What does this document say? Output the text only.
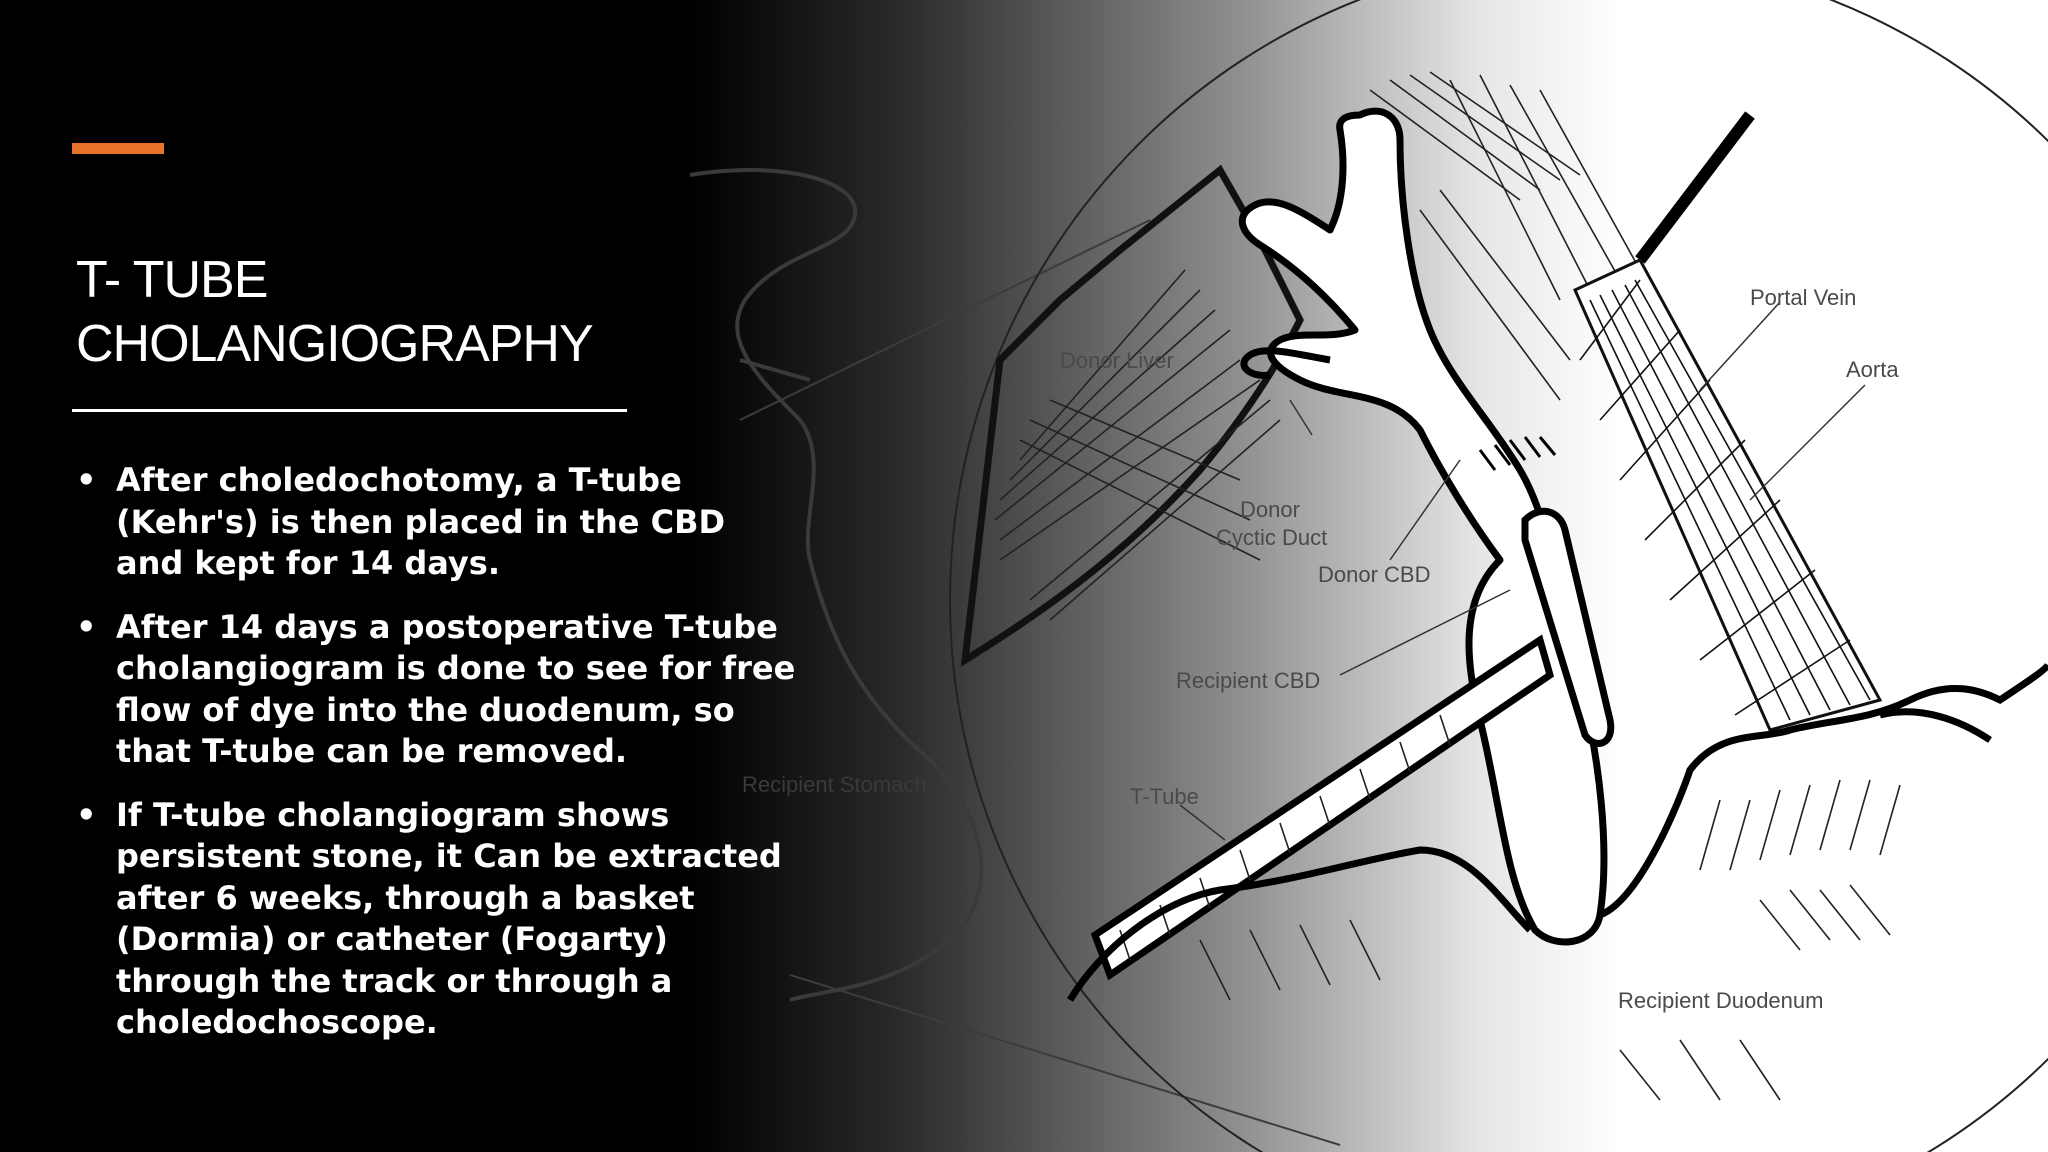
Portal Vein
Aorta
Donor Liver
Donor
Cyctic Duct
Donor CBD
Recipient CBD
T-Tube
Recipient Stomach
Recipient Duodenum
T- TUBE
CHOLANGIOGRAPHY
• After choledochotomy, a T-tube (Kehr's) is then placed in the CBD and kept for 14 days.
• After 14 days a postoperative T-tube cholangiogram is done to see for free flow of dye into the duodenum, so that T-tube can be removed.
• If T-tube cholangiogram shows persistent stone, it Can be extracted after 6 weeks, through a basket (Dormia) or catheter (Fogarty) through the track or through a choledochoscope.
